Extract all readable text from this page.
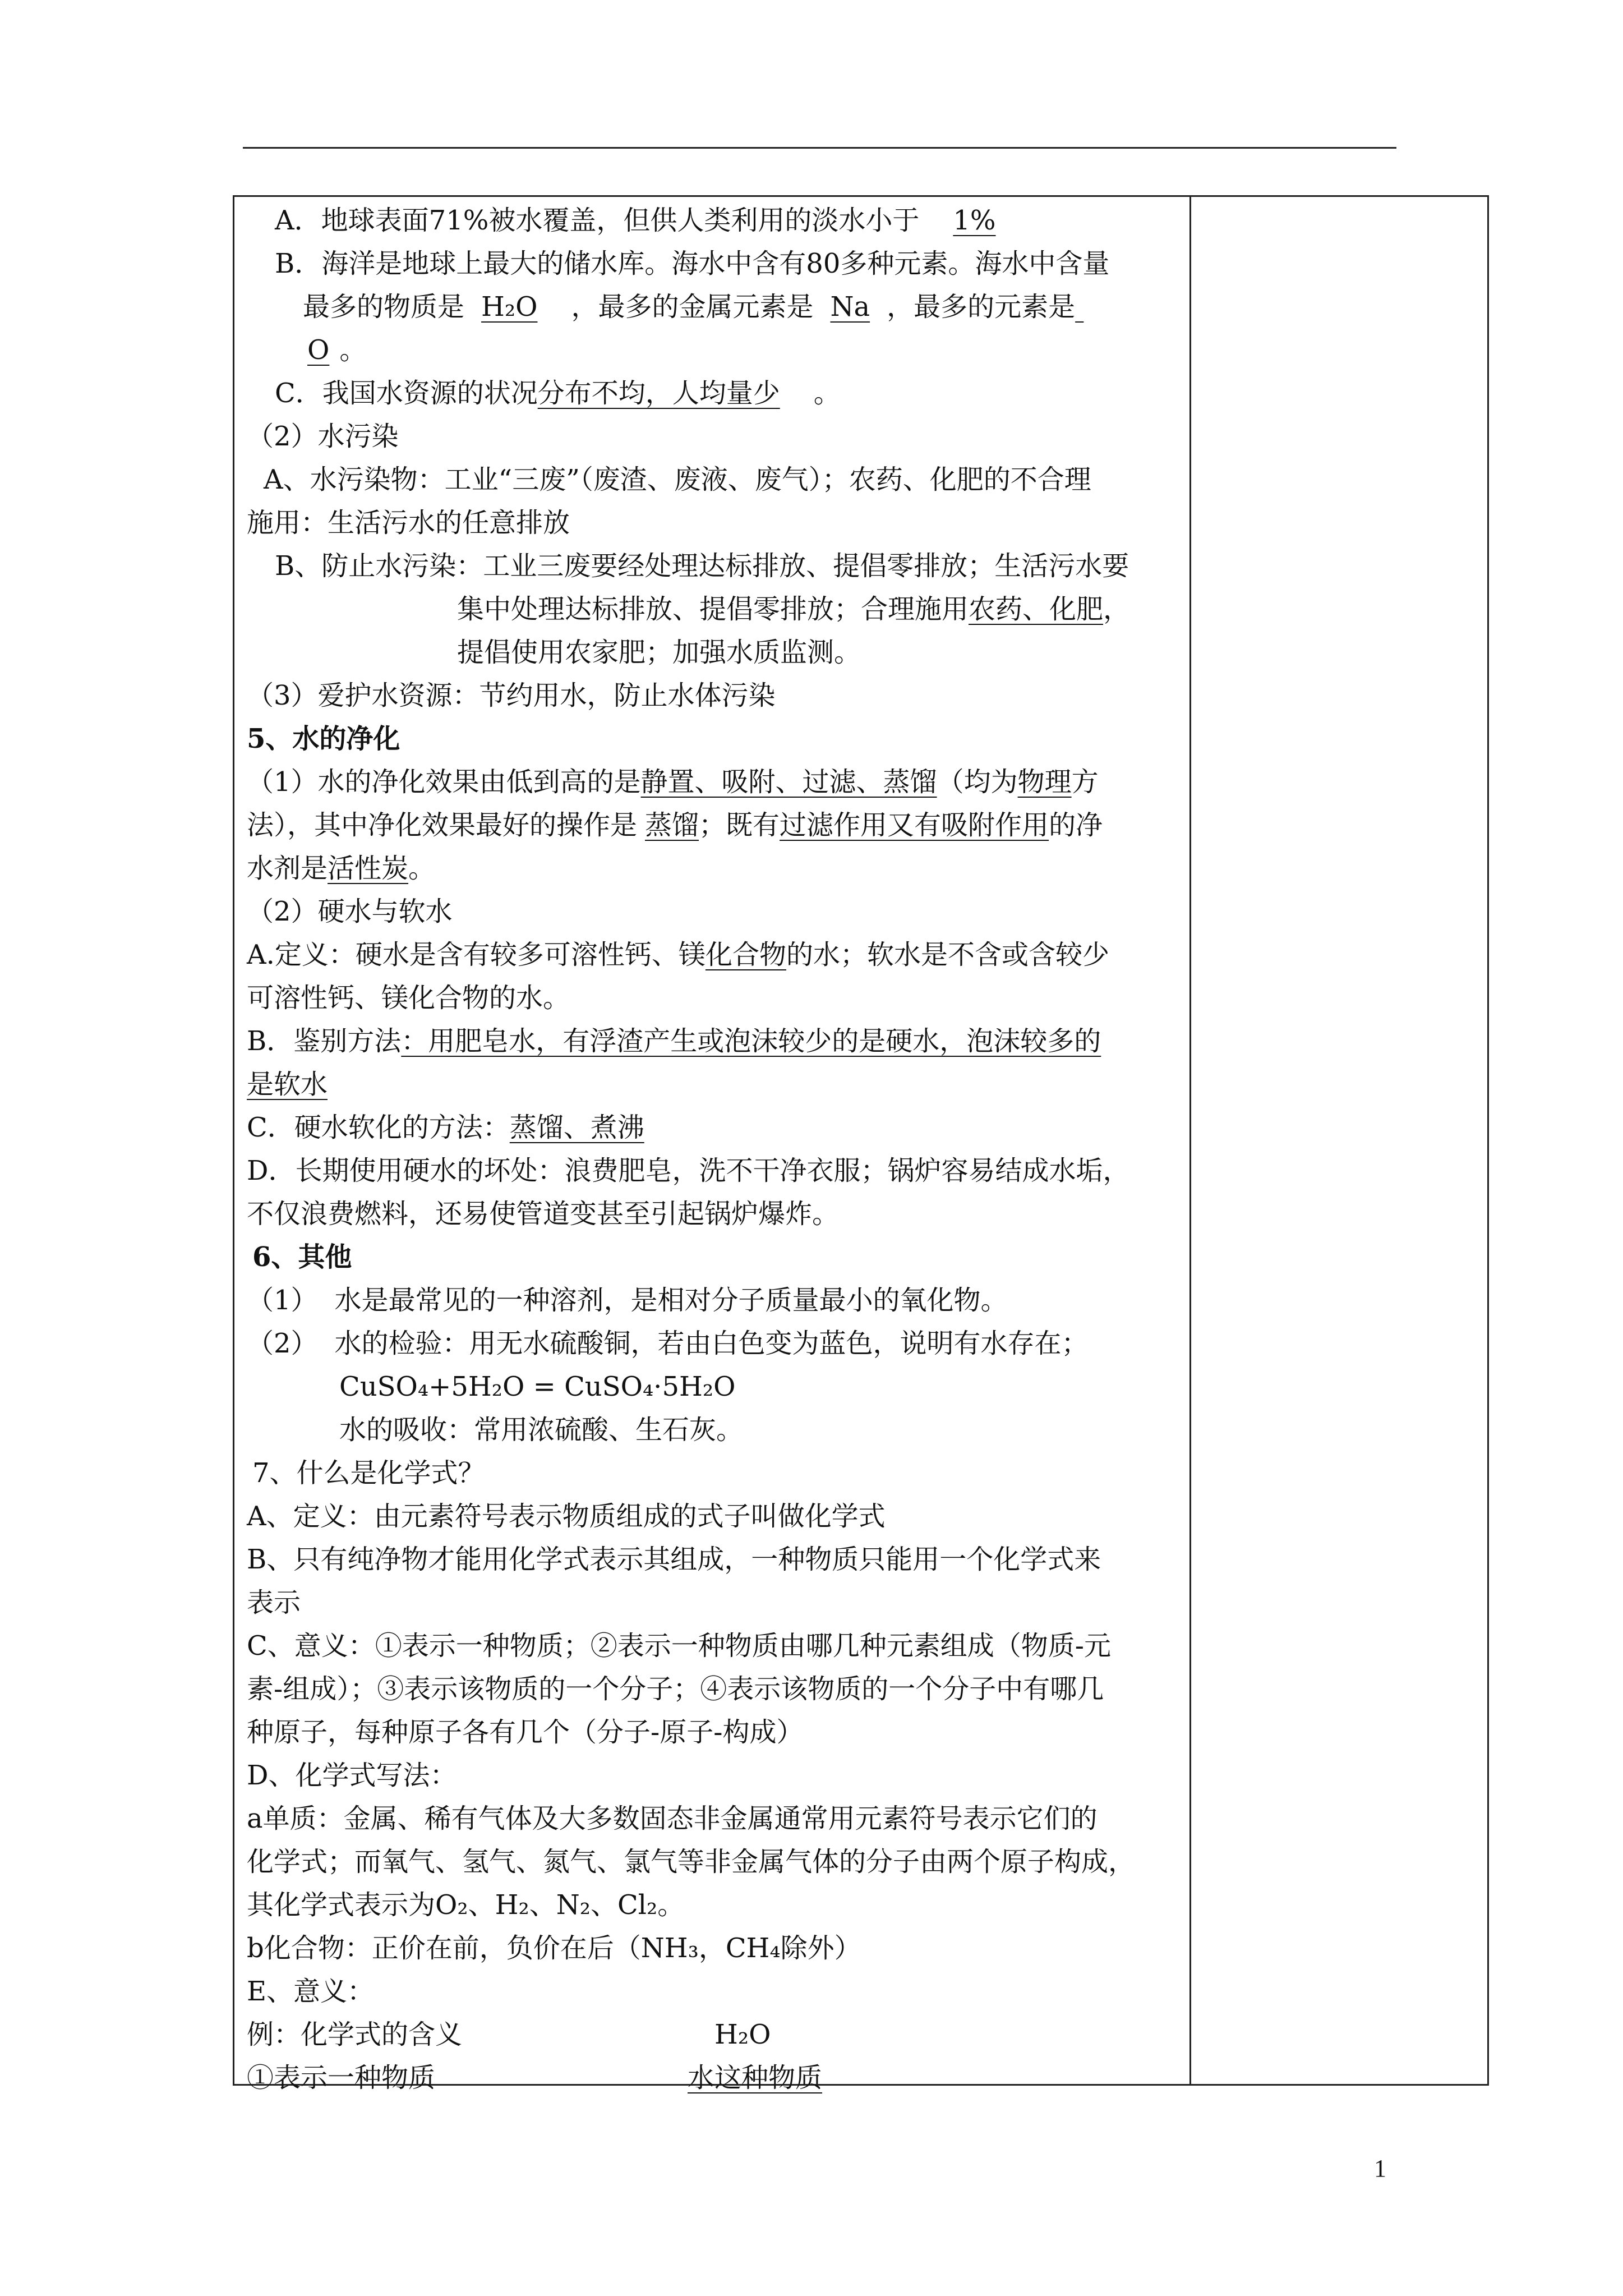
A．地球表面71%被水覆盖，但供人类利用的淡水小于 1%
B．海洋是地球上最大的储水库。海水中含有80多种元素。海水中含量
最多的物质是 H₂O ，最多的金属元素是 Na ，最多的元素是
O 。
C．我国水资源的状况分布不均，人均量少 。
（2）水污染
A、水污染物：工业“三废”（废渣、废液、废气）；农药、化肥的不合理
施用：生活污水的任意排放
B、防止水污染：工业三废要经处理达标排放、提倡零排放；生活污水要
集中处理达标排放、提倡零排放；合理施用农药、化肥，
提倡使用农家肥；加强水质监测。
（3）爱护水资源：节约用水，防止水体污染
5、水的净化
（1）水的净化效果由低到高的是静置、吸附、过滤、蒸馏（均为物理方
法），其中净化效果最好的操作是 蒸馏；既有过滤作用又有吸附作用的净
水剂是活性炭。
（2）硬水与软水
A.定义：硬水是含有较多可溶性钙、镁化合物的水；软水是不含或含较少
可溶性钙、镁化合物的水。
B．鉴别方法：用肥皂水，有浮渣产生或泡沫较少的是硬水，泡沫较多的
是软水
C．硬水软化的方法：蒸馏、煮沸
D．长期使用硬水的坏处：浪费肥皂，洗不干净衣服；锅炉容易结成水垢，
不仅浪费燃料，还易使管道变甚至引起锅炉爆炸。
6、其他
（1） 水是最常见的一种溶剂，是相对分子质量最小的氧化物。
（2） 水的检验：用无水硫酸铜，若由白色变为蓝色，说明有水存在；
CuSO₄+5H₂O = CuSO₄·5H₂O
水的吸收：常用浓硫酸、生石灰。
7、什么是化学式？
A、定义：由元素符号表示物质组成的式子叫做化学式
B、只有纯净物才能用化学式表示其组成，一种物质只能用一个化学式来
表示
C、意义：①表示一种物质；②表示一种物质由哪几种元素组成（物质-元
素-组成）；③表示该物质的一个分子；④表示该物质的一个分子中有哪几
种原子，每种原子各有几个（分子-原子-构成）
D、化学式写法：
a单质：金属、稀有气体及大多数固态非金属通常用元素符号表示它们的
化学式；而氧气、氢气、氮气、氯气等非金属气体的分子由两个原子构成，
其化学式表示为O₂、H₂、N₂、Cl₂。
b化合物：正价在前，负价在后（NH₃，CH₄除外）
E、意义：
例：化学式的含义	H₂O
①表示一种物质	水这种物质
1
